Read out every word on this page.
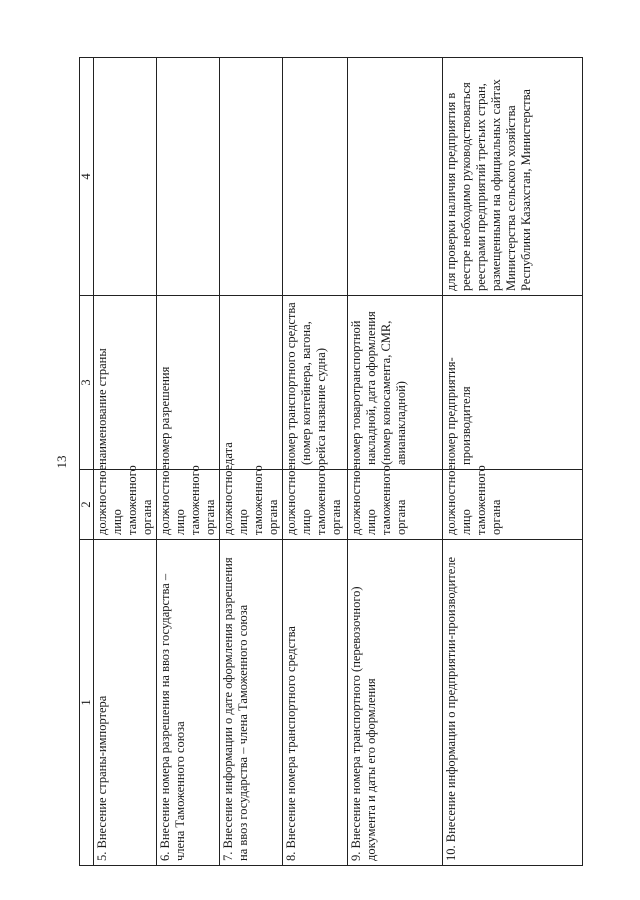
13
1	2	3	4
5. Внесение страны-импортера	должностное лицо таможенного органа	наименование страны	
6. Внесение номера разрешения на ввоз государства – члена Таможенного союза	должностное лицо таможенного органа	номер разрешения	
7. Внесение информации о дате оформления разрешения на ввоз государства – члена Таможенного союза	должностное лицо таможенного органа	дата	
8. Внесение номера транспортного средства	должностное лицо таможенного органа	номер транспортного средства (номер контейнера, вагона, рейса название судна)	
9. Внесение номера транспортного (перевозочного) документа и даты его оформления	должностное лицо таможенного органа	номер товаротранспортной накладной, дата оформления (номер коносамента, CMR, авианакладной)	
10. Внесение информации о предприятии-производителе	должностное лицо таможенного органа	номер предприятия-производителя	для проверки наличия предприятия в реестре необходимо руководствоваться реестрами предприятий третьих стран, размещенными на официальных сайтах Министерства сельского хозяйства Республики Казахстан, Министерства
